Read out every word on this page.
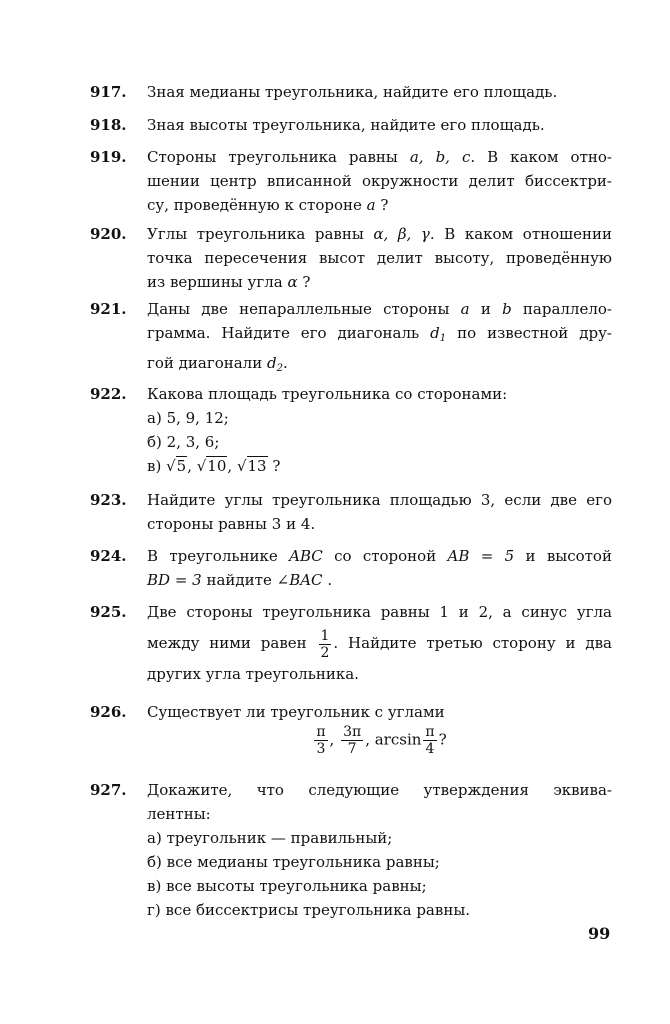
917.	Зная медианы треугольника, найдите его площадь.
918.	Зная высоты треугольника, найдите его площадь.
919.	Стороны треугольника равны a, b, c. В каком отно-
шении центр вписанной окружности делит биссектри-
су, проведённую к стороне a ?
920.	Углы треугольника равны α, β, γ. В каком отношении
точка пересечения высот делит высоту, проведённую
из вершины угла α ?
921.	Даны две непараллельные стороны a и b параллело-
грамма. Найдите его диагональ $d_1$ по известной дру-
гой диагонали $d_2$.
922.	Какова площадь треугольника со сторонами:
а) 5, 9, 12;
б) 2, 3, 6;
в) √5, √10, √13 ?
923.	Найдите углы треугольника площадью 3, если две его
стороны равны 3 и 4.
924.	В треугольнике ABC со стороной AB = 5 и высотой
BD = 3 найдите ∠BAC .
925.	Две стороны треугольника равны 1 и 2, а синус угла
между ними равен $\frac{1}{2}$ . Найдите третью сторону и два
других угла треугольника.
926.	Существует ли треугольник с углами
$\frac{\pi}{3}$ , $\frac{3\pi}{7}$ , $\arcsin \frac{\pi}{4}$ ?
927.	Докажите, что следующие утверждения эквива-
лентны:
а) треугольник — правильный;
б) все медианы треугольника равны;
в) все высоты треугольника равны;
г) все биссектрисы треугольника равны.
99
